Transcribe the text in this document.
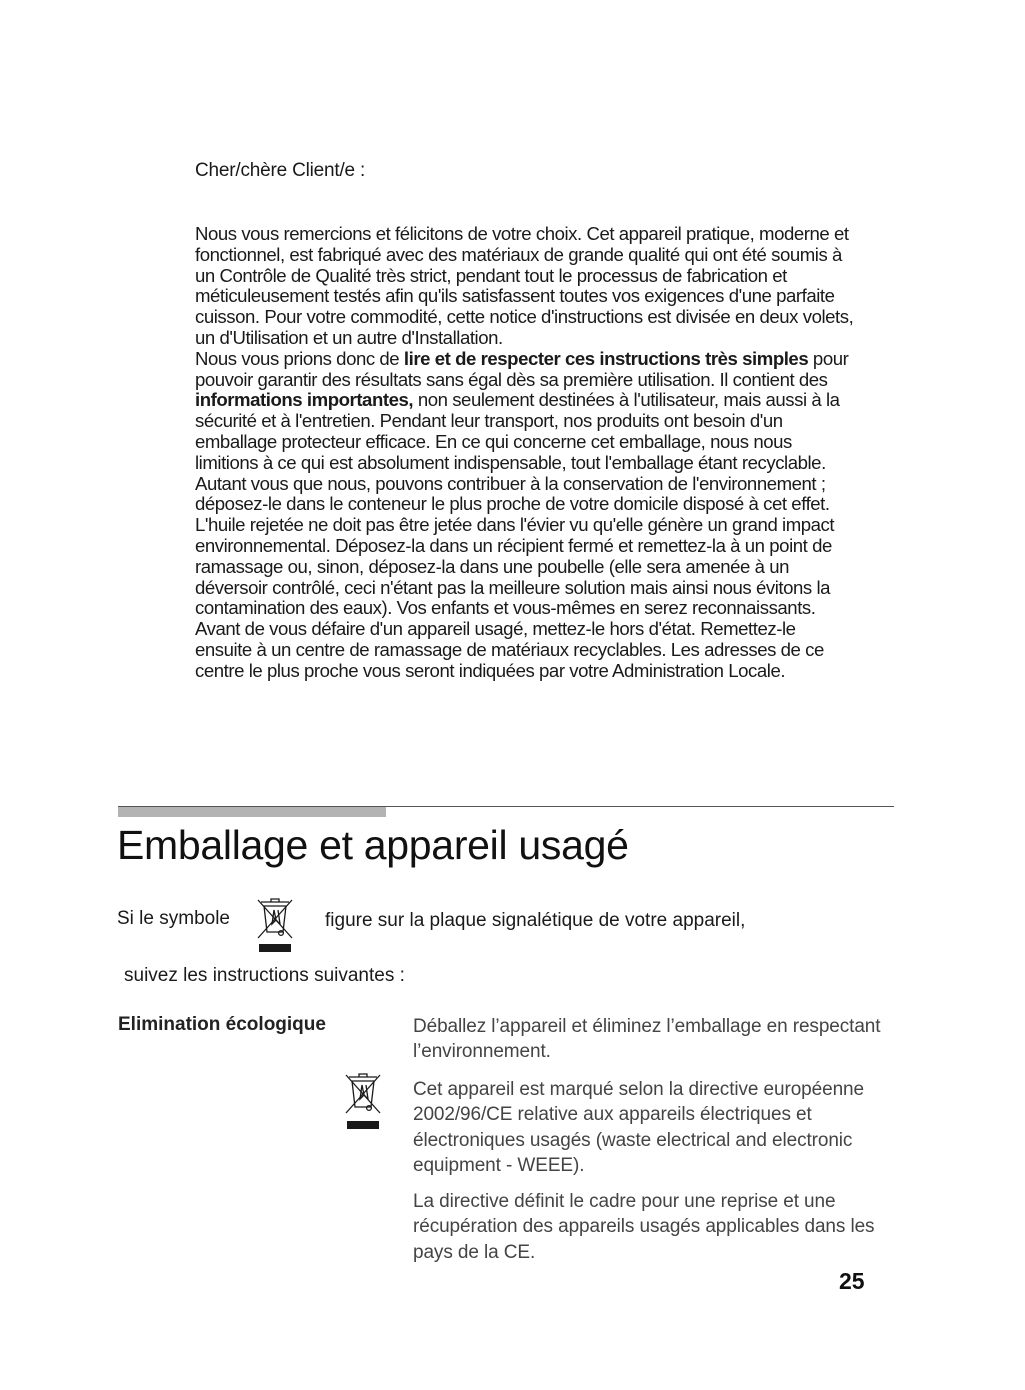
Cher/chère Client/e :

Nous vous remercions et félicitons de votre choix. Cet appareil pratique, moderne et fonctionnel, est fabriqué avec des matériaux de grande qualité qui ont été soumis à un Contrôle de Qualité très strict, pendant tout le processus de fabrication et méticuleusement testés afin qu'ils satisfassent toutes vos exigences d'une parfaite cuisson. Pour votre commodité, cette notice d'instructions est divisée en deux volets, un d'Utilisation et un autre d'Installation.

Nous vous prions donc de lire et de respecter ces instructions très simples pour pouvoir garantir des résultats sans égal dès sa première utilisation. Il contient des informations importantes, non seulement destinées à l'utilisateur, mais aussi à la sécurité et à l'entretien. Pendant leur transport, nos produits ont besoin d'un emballage protecteur efficace. En ce qui concerne cet emballage, nous nous limitions à ce qui est absolument indispensable, tout l'emballage étant recyclable. Autant vous que nous, pouvons contribuer à la conservation de l'environnement ; déposez-le dans le conteneur le plus proche de votre domicile disposé à cet effet. L'huile rejetée ne doit pas être jetée dans l'évier vu qu'elle génère un grand impact environnemental. Déposez-la dans un récipient fermé et remettez-la à un point de ramassage ou, sinon, déposez-la dans une poubelle (elle sera amenée à un déversoir contrôlé, ceci n'étant pas la meilleure solution mais ainsi nous évitons la contamination des eaux). Vos enfants et vous-mêmes en serez reconnaissants. Avant de vous défaire d'un appareil usagé, mettez-le hors d'état. Remettez-le ensuite à un centre de ramassage de matériaux recyclables. Les adresses de ce centre le plus proche vous seront indiquées par votre Administration Locale.

Emballage et appareil usagé
Si le symbole	figure sur la plaque signalétique de votre appareil,
suivez les instructions suivantes :
Elimination écologique	Déballez l’appareil et éliminez l’emballage en respectant l’environnement.
Cet appareil est marqué selon la directive européenne 2002/96/CE relative aux appareils électriques et électroniques usagés (waste electrical and electronic equipment - WEEE).
La directive définit le cadre pour une reprise et une récupération des appareils usagés applicables dans les pays de la CE.
25
